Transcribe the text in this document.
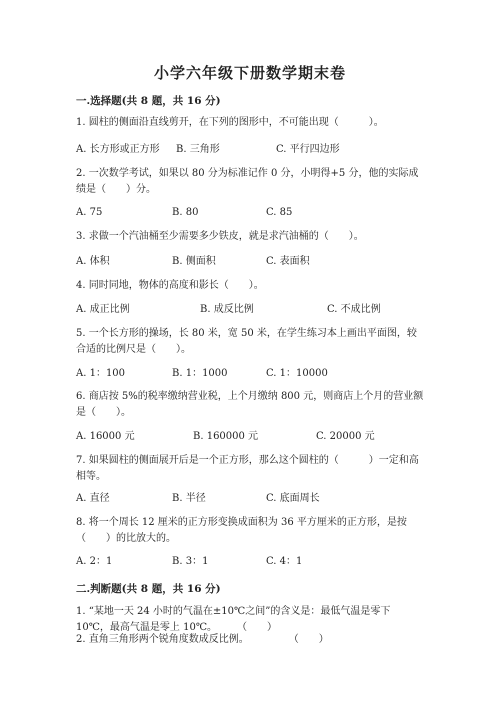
小学六年级下册数学期末卷
一.选择题(共 8 题，共 16 分)
1. 圆柱的侧面沿直线剪开，在下列的图形中，不可能出现（　　　）。
A. 长方形或正方形 B. 三角形	C. 平行四边形
2. 一次数学考试，如果以 80 分为标准记作 0 分，小明得+5 分，他的实际成绩是（　　）分。
A. 75	B. 80	C. 85
3. 求做一个汽油桶至少需要多少铁皮，就是求汽油桶的（　　）。
A. 体积	B. 侧面积	C. 表面积
4. 同时同地，物体的高度和影长（　　）。
A. 成正比例	B. 成反比例	C. 不成比例
5. 一个长方形的操场，长 80 米，宽 50 米，在学生练习本上画出平面图，较合适的比例尺是（　　）。
A. 1：100	B. 1：1000	C. 1：10000
6. 商店按 5%的税率缴纳营业税，上个月缴纳 800 元，则商店上个月的营业额是（　　）。
A. 16000 元	B. 160000 元	C. 20000 元
7. 如果圆柱的侧面展开后是一个正方形，那么这个圆柱的（　　　）一定和高相等。
A. 直径	B. 半径	C. 底面周长
8. 将一个周长 12 厘米的正方形变换成面积为 36 平方厘米的正方形，是按（　　）的比放大的。
A. 2：1	B. 3：1	C. 4：1
二.判断题(共 8 题，共 16 分)
1. “某地一天 24 小时的气温在±10℃之间”的含义是：最低气温是零下 10℃，最高气温是零上 10℃。　　　（　　）
2. 直角三角形两个锐角度数成反比例。　　　　　（　　）
